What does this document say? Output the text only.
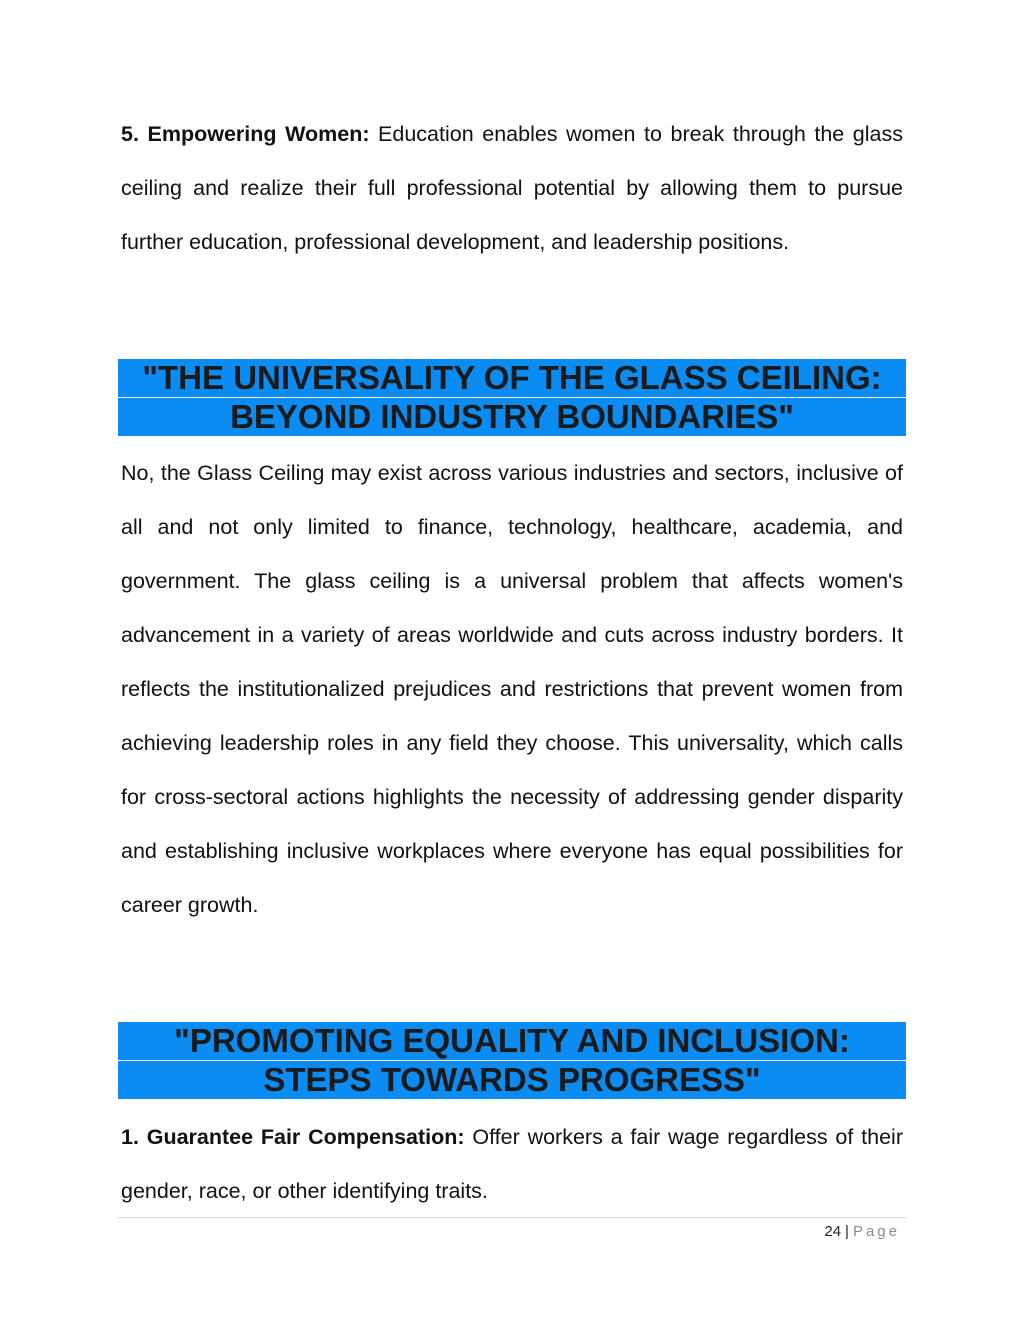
5. Empowering Women: Education enables women to break through the glass ceiling and realize their full professional potential by allowing them to pursue further education, professional development, and leadership positions.

"THE UNIVERSALITY OF THE GLASS CEILING:
BEYOND INDUSTRY BOUNDARIES"

No, the Glass Ceiling may exist across various industries and sectors, inclusive of all and not only limited to finance, technology, healthcare, academia, and government. The glass ceiling is a universal problem that affects women's advancement in a variety of areas worldwide and cuts across industry borders. It reflects the institutionalized prejudices and restrictions that prevent women from achieving leadership roles in any field they choose. This universality, which calls for cross-sectoral actions highlights the necessity of addressing gender disparity and establishing inclusive workplaces where everyone has equal possibilities for career growth.

"PROMOTING EQUALITY AND INCLUSION:
STEPS TOWARDS PROGRESS"

1. Guarantee Fair Compensation: Offer workers a fair wage regardless of their gender, race, or other identifying traits.

24 | Page
